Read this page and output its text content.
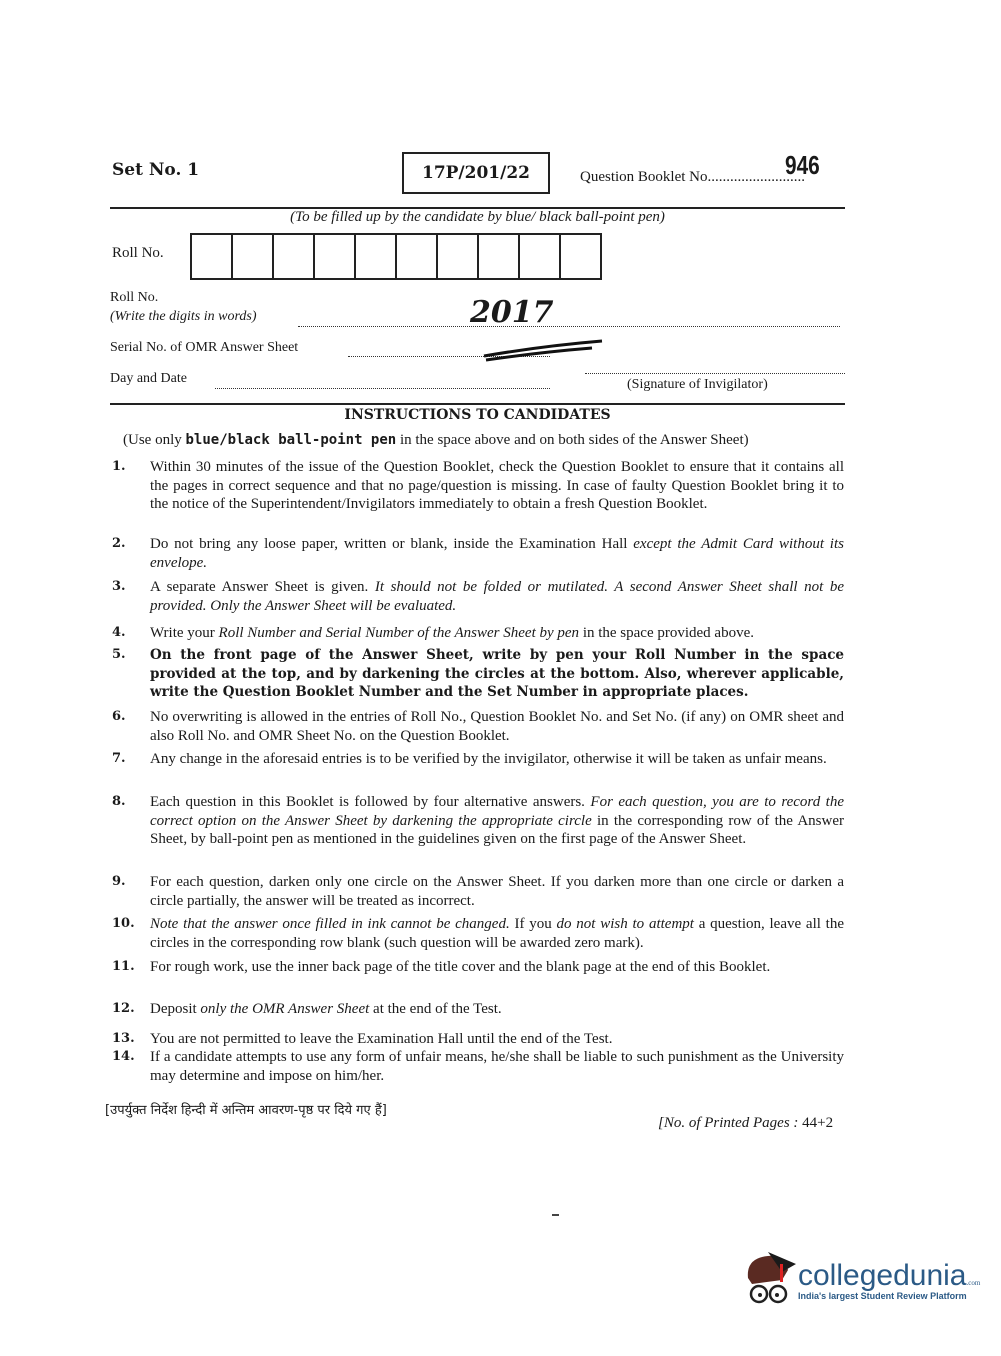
Set No. 1	17P/201/22	Question Booklet No..........................
946
(To be filled up by the candidate by blue/ black ball-point pen)
Roll No.
Roll No.
(Write the digits in words)	2017
Serial No. of OMR Answer Sheet
Day and Date	(Signature of Invigilator)
INSTRUCTIONS TO CANDIDATES
(Use only blue/black ball-point pen in the space above and on both sides of the Answer Sheet)
1.	Within 30 minutes of the issue of the Question Booklet, check the Question Booklet to ensure that it contains all the pages in correct sequence and that no page/question is missing. In case of faulty Question Booklet bring it to the notice of the Superintendent/Invigilators immediately to obtain a fresh Question Booklet.
2.	Do not bring any loose paper, written or blank, inside the Examination Hall except the Admit Card without its envelope.
3.	A separate Answer Sheet is given. It should not be folded or mutilated. A second Answer Sheet shall not be provided. Only the Answer Sheet will be evaluated.
4.	Write your Roll Number and Serial Number of the Answer Sheet by pen in the space provided above.
5.	On the front page of the Answer Sheet, write by pen your Roll Number in the space provided at the top, and by darkening the circles at the bottom. Also, wherever applicable, write the Question Booklet Number and the Set Number in appropriate places.
6.	No overwriting is allowed in the entries of Roll No., Question Booklet No. and Set No. (if any) on OMR sheet and also Roll No. and OMR Sheet No. on the Question Booklet.
7.	Any change in the aforesaid entries is to be verified by the invigilator, otherwise it will be taken as unfair means.
8.	Each question in this Booklet is followed by four alternative answers. For each question, you are to record the correct option on the Answer Sheet by darkening the appropriate circle in the corresponding row of the Answer Sheet, by ball-point pen as mentioned in the guidelines given on the first page of the Answer Sheet.
9.	For each question, darken only one circle on the Answer Sheet. If you darken more than one circle or darken a circle partially, the answer will be treated as incorrect.
10.	Note that the answer once filled in ink cannot be changed. If you do not wish to attempt a question, leave all the circles in the corresponding row blank (such question will be awarded zero mark).
11.	For rough work, use the inner back page of the title cover and the blank page at the end of this Booklet.
12.	Deposit only the OMR Answer Sheet at the end of the Test.
13.	You are not permitted to leave the Examination Hall until the end of the Test.
14.	If a candidate attempts to use any form of unfair means, he/she shall be liable to such punishment as the University may determine and impose on him/her.
[उपर्युक्त निर्देश हिन्दी में अन्तिम आवरण-पृष्ठ पर दिये गए हैं]
[No. of Printed Pages : 44+2
collegedunia.com
India's largest Student Review Platform
